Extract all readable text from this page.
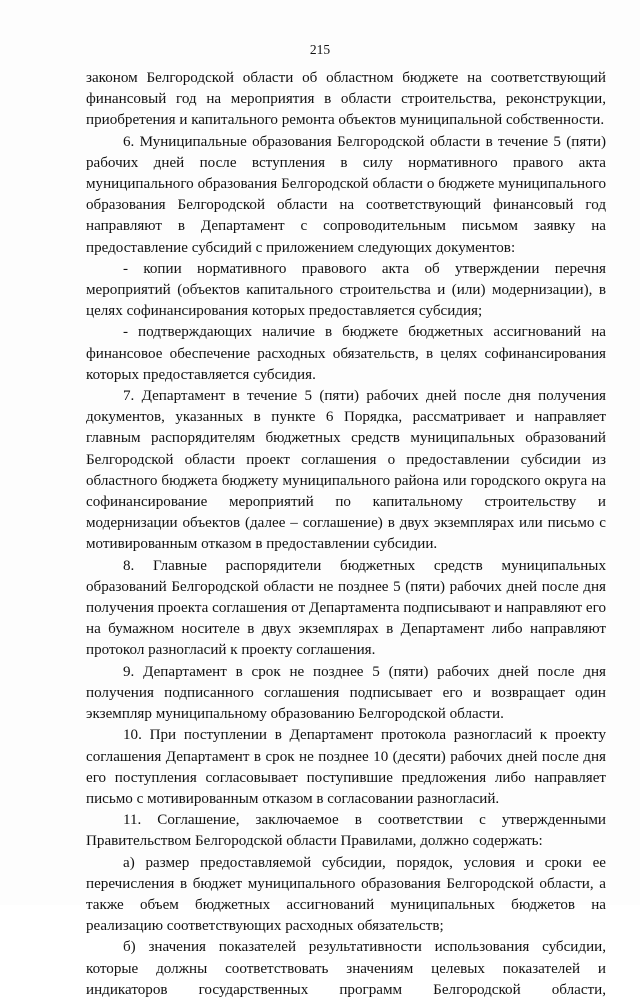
215

законом Белгородской области об областном бюджете на соответствующий финансовый год на мероприятия в области строительства, реконструкции, приобретения и капитального ремонта объектов муниципальной собственности.

6. Муниципальные образования Белгородской области в течение 5 (пяти) рабочих дней после вступления в силу нормативного правого акта муниципального образования Белгородской области о бюджете муниципального образования Белгородской области на соответствующий финансовый год направляют в Департамент с сопроводительным письмом заявку на предоставление субсидий с приложением следующих документов:

- копии нормативного правового акта об утверждении перечня мероприятий (объектов капитального строительства и (или) модернизации), в целях софинансирования которых предоставляется субсидия;

- подтверждающих наличие в бюджете бюджетных ассигнований на финансовое обеспечение расходных обязательств, в целях софинансирования которых предоставляется субсидия.

7. Департамент в течение 5 (пяти) рабочих дней после дня получения документов, указанных в пункте 6 Порядка, рассматривает и направляет главным распорядителям бюджетных средств муниципальных образований Белгородской области проект соглашения о предоставлении субсидии из областного бюджета бюджету муниципального района или городского округа на софинансирование мероприятий по капитальному строительству и модернизации объектов (далее – соглашение) в двух экземплярах или письмо с мотивированным отказом в предоставлении субсидии.

8. Главные распорядители бюджетных средств муниципальных образований Белгородской области не позднее 5 (пяти) рабочих дней после дня получения проекта соглашения от Департамента подписывают и направляют его на бумажном носителе в двух экземплярах в Департамент либо направляют протокол разногласий к проекту соглашения.

9. Департамент в срок не позднее 5 (пяти) рабочих дней после дня получения подписанного соглашения подписывает его и возвращает один экземпляр муниципальному образованию Белгородской области.

10. При поступлении в Департамент протокола разногласий к проекту соглашения Департамент в срок не позднее 10 (десяти) рабочих дней после дня его поступления согласовывает поступившие предложения либо направляет письмо с мотивированным отказом в согласовании разногласий.

11. Соглашение, заключаемое в соответствии с утвержденными Правительством Белгородской области Правилами, должно содержать:

а) размер предоставляемой субсидии, порядок, условия и сроки ее перечисления в бюджет муниципального образования Белгородской области, а также объем бюджетных ассигнований муниципальных бюджетов на реализацию соответствующих расходных обязательств;

б) значения показателей результативности использования субсидии, которые должны соответствовать значениям целевых показателей и индикаторов государственных программ Белгородской области,
